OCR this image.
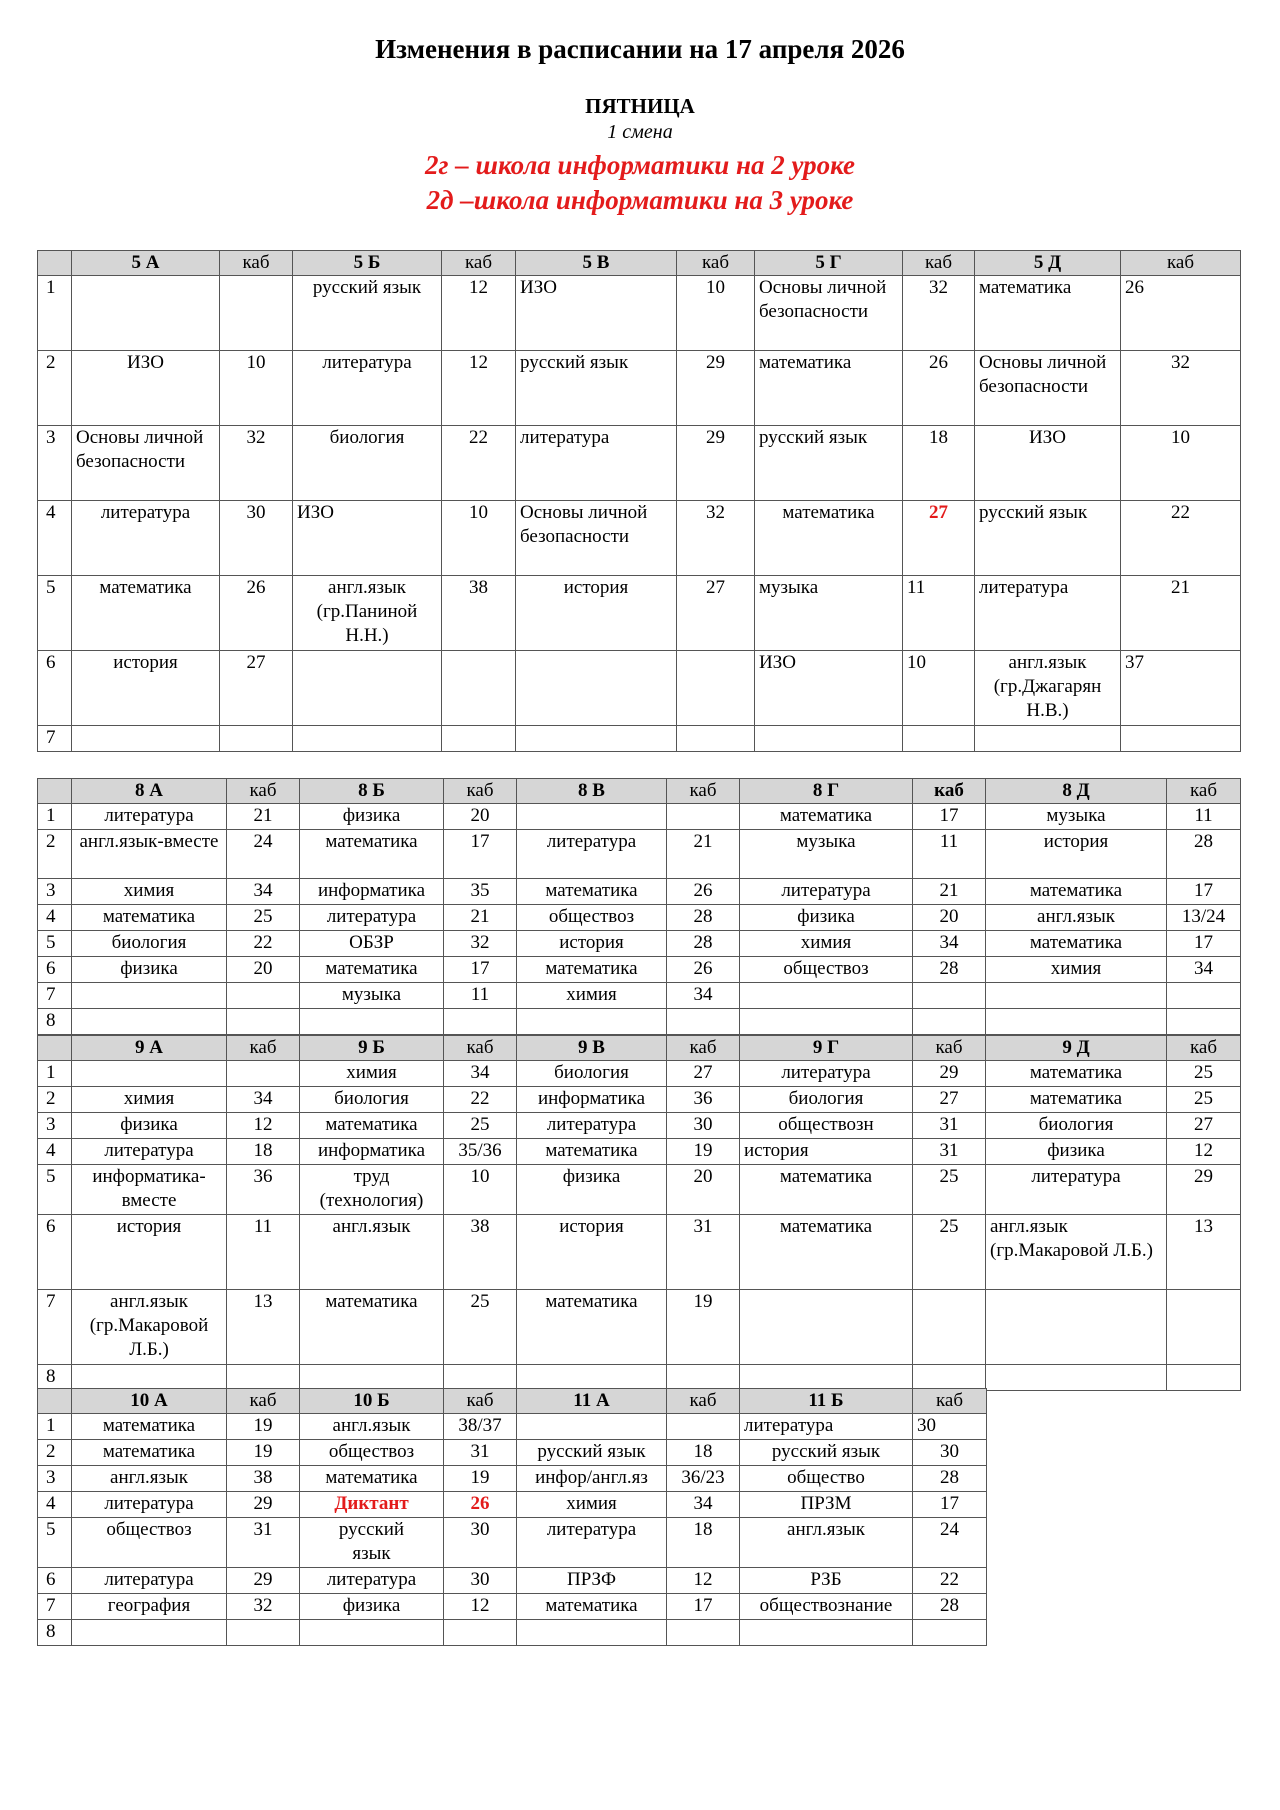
Изменения в расписании на 17 апреля 2026
ПЯТНИЦА
1 смена
2г – школа информатики на 2 уроке
2д –школа информатики на 3 уроке
	5 А	каб	5 Б	каб	5 В	каб	5 Г	каб	5 Д	каб
1			русский язык	12	ИЗО	10	Основы личной безопасности	32	математика	26
2	ИЗО	10	литература	12	русский язык	29	математика	26	Основы личной безопасности	32
3	Основы личной безопасности	32	биология	22	литература	29	русский язык	18	ИЗО	10
4	литература	30	ИЗО	10	Основы личной безопасности	32	математика	27	русский язык	22
5	математика	26	англ.язык (гр.Паниной Н.Н.)	38	история	27	музыка	11	литература	21
6	история	27					ИЗО	10	англ.язык (гр.Джагарян Н.В.)	37
7										
	8 А	каб	8 Б	каб	8 В	каб	8 Г	каб	8 Д	каб
1	литература	21	физика	20			математика	17	музыка	11
2	англ.язык-вместе	24	математика	17	литература	21	музыка	11	история	28
3	химия	34	информатика	35	математика	26	литература	21	математика	17
4	математика	25	литература	21	обществоз	28	физика	20	англ.язык	13/24
5	биология	22	ОБЗР	32	история	28	химия	34	математика	17
6	физика	20	математика	17	математика	26	обществоз	28	химия	34
7			музыка	11	химия	34				
8										
	9 А	каб	9 Б	каб	9 В	каб	9 Г	каб	9 Д	каб
1			химия	34	биология	27	литература	29	математика	25
2	химия	34	биология	22	информатика	36	биология	27	математика	25
3	физика	12	математика	25	литература	30	обществозн	31	биология	27
4	литература	18	информатика	35/36	математика	19	история	31	физика	12
5	информатика-вместе	36	труд (технология)	10	физика	20	математика	25	литература	29
6	история	11	англ.язык	38	история	31	математика	25	англ.язык (гр.Макаровой Л.Б.)	13
7	англ.язык (гр.Макаровой Л.Б.)	13	математика	25	математика	19				
8										
	10 А	каб	10 Б	каб	11 А	каб	11 Б	каб
1	математика	19	англ.язык	38/37			литература	30
2	математика	19	обществоз	31	русский язык	18	русский язык	30
3	англ.язык	38	математика	19	инфор/англ.яз	36/23	общество	28
4	литература	29	Диктант	26	химия	34	ПРЗМ	17
5	обществоз	31	русский язык	30	литература	18	англ.язык	24
6	литература	29	литература	30	ПРЗФ	12	РЗБ	22
7	география	32	физика	12	математика	17	обществознание	28
8								
